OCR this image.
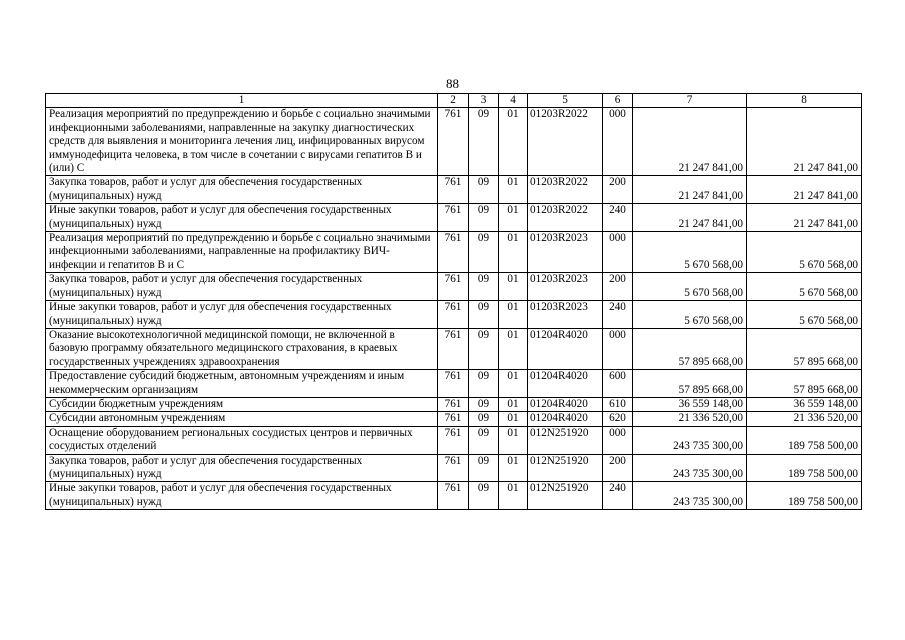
88
1	2	3	4	5	6	7	8
Реализация мероприятий по предупреждению и борьбе с социально значимыми инфекционными заболеваниями, направленные на закупку диагностических средств для выявления и мониторинга лечения лиц, инфицированных вирусом иммунодефицита человека, в том числе в сочетании с вирусами гепатитов B и (или) C	761	09	01	01203R2022	000	21 247 841,00	21 247 841,00
Закупка товаров, работ и услуг для обеспечения государственных (муниципальных) нужд	761	09	01	01203R2022	200	21 247 841,00	21 247 841,00
Иные закупки товаров, работ и услуг для обеспечения государственных (муниципальных) нужд	761	09	01	01203R2022	240	21 247 841,00	21 247 841,00
Реализация мероприятий по предупреждению и борьбе с социально значимыми инфекционными заболеваниями, направленные на профилактику ВИЧ-инфекции и гепатитов B и C	761	09	01	01203R2023	000	5 670 568,00	5 670 568,00
Закупка товаров, работ и услуг для обеспечения государственных (муниципальных) нужд	761	09	01	01203R2023	200	5 670 568,00	5 670 568,00
Иные закупки товаров, работ и услуг для обеспечения государственных (муниципальных) нужд	761	09	01	01203R2023	240	5 670 568,00	5 670 568,00
Оказание высокотехнологичной медицинской помощи, не включенной в базовую программу обязательного медицинского страхования, в краевых государственных учреждениях здравоохранения	761	09	01	01204R4020	000	57 895 668,00	57 895 668,00
Предоставление субсидий бюджетным, автономным учреждениям и иным некоммерческим организациям	761	09	01	01204R4020	600	57 895 668,00	57 895 668,00
Субсидии бюджетным учреждениям	761	09	01	01204R4020	610	36 559 148,00	36 559 148,00
Субсидии автономным учреждениям	761	09	01	01204R4020	620	21 336 520,00	21 336 520,00
Оснащение оборудованием региональных сосудистых центров и первичных сосудистых отделений	761	09	01	012N251920	000	243 735 300,00	189 758 500,00
Закупка товаров, работ и услуг для обеспечения государственных (муниципальных) нужд	761	09	01	012N251920	200	243 735 300,00	189 758 500,00
Иные закупки товаров, работ и услуг для обеспечения государственных (муниципальных) нужд	761	09	01	012N251920	240	243 735 300,00	189 758 500,00
